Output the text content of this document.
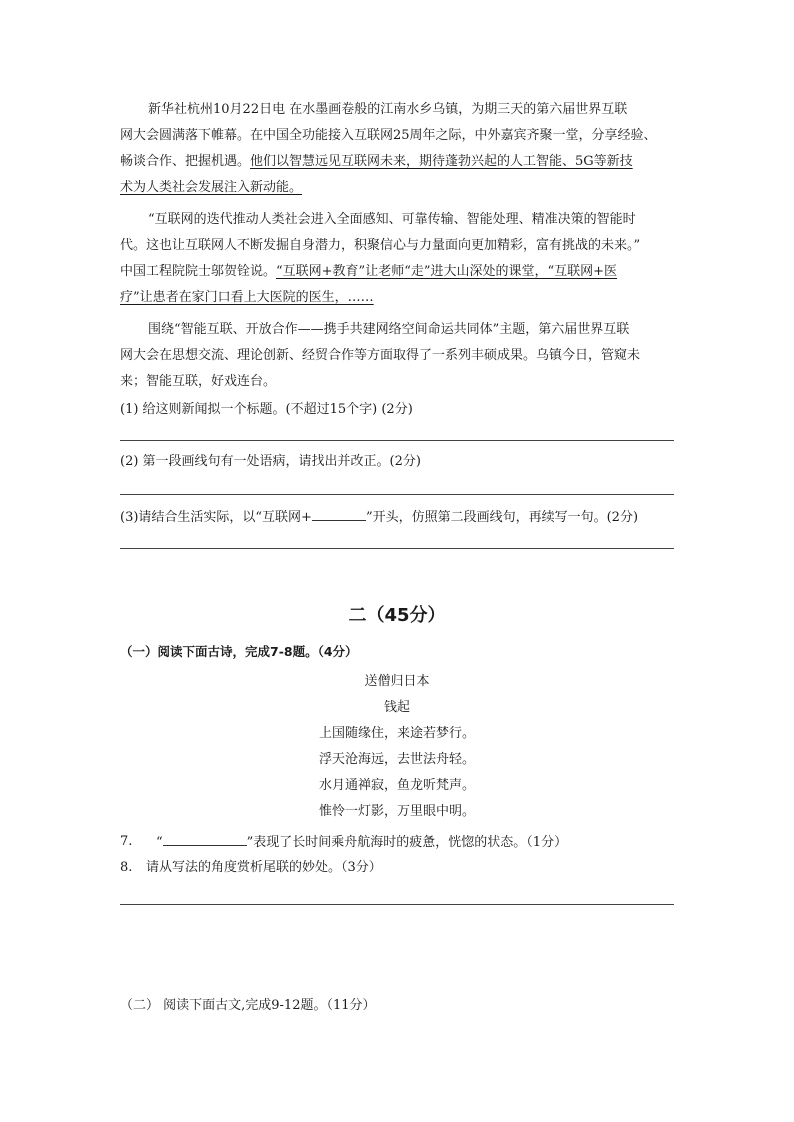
新华社杭州10月22日电 在水墨画卷般的江南水乡乌镇，为期三天的第六届世界互联
网大会圆满落下帷幕。在中国全功能接入互联网25周年之际，中外嘉宾齐聚一堂，分享经验、
畅谈合作、把握机遇。他们以智慧远见互联网未来，期待蓬勃兴起的人工智能、5G等新技
术为人类社会发展注入新动能。
“互联网的迭代推动人类社会进入全面感知、可靠传输、智能处理、精准决策的智能时
代。这也让互联网人不断发掘自身潜力，积聚信心与力量面向更加精彩，富有挑战的未来。”
中国工程院院士邬贺铨说。“互联网+教育”让老师“走”进大山深处的课堂，“互联网+医
疗”让患者在家门口看上大医院的医生，……
围绕“智能互联、开放合作——携手共建网络空间命运共同体”主题，第六届世界互联
网大会在思想交流、理论创新、经贸合作等方面取得了一系列丰硕成果。乌镇今日，管窥未
来；智能互联，好戏连台。
(1) 给这则新闻拟一个标题。(不超过15个字) (2分)
(2) 第一段画线句有一处语病，请找出并改正。(2分)
(3)请结合生活实际，以“互联网+	”开头，仿照第二段画线句，再续写一句。(2分)
二（45分）
（一）阅读下面古诗，完成7-8题。（4分）
送僧归日本
钱起
上国随缘住，来途若梦行。
浮天沧海远，去世法舟轻。
水月通禅寂，鱼龙听梵声。
惟怜一灯影，万里眼中明。
7. “	”表现了长时间乘舟航海时的疲惫，恍惚的状态。（1分）
8. 请从写法的角度赏析尾联的妙处。（3分）
（二） 阅读下面古文,完成9-12题。（11分）
